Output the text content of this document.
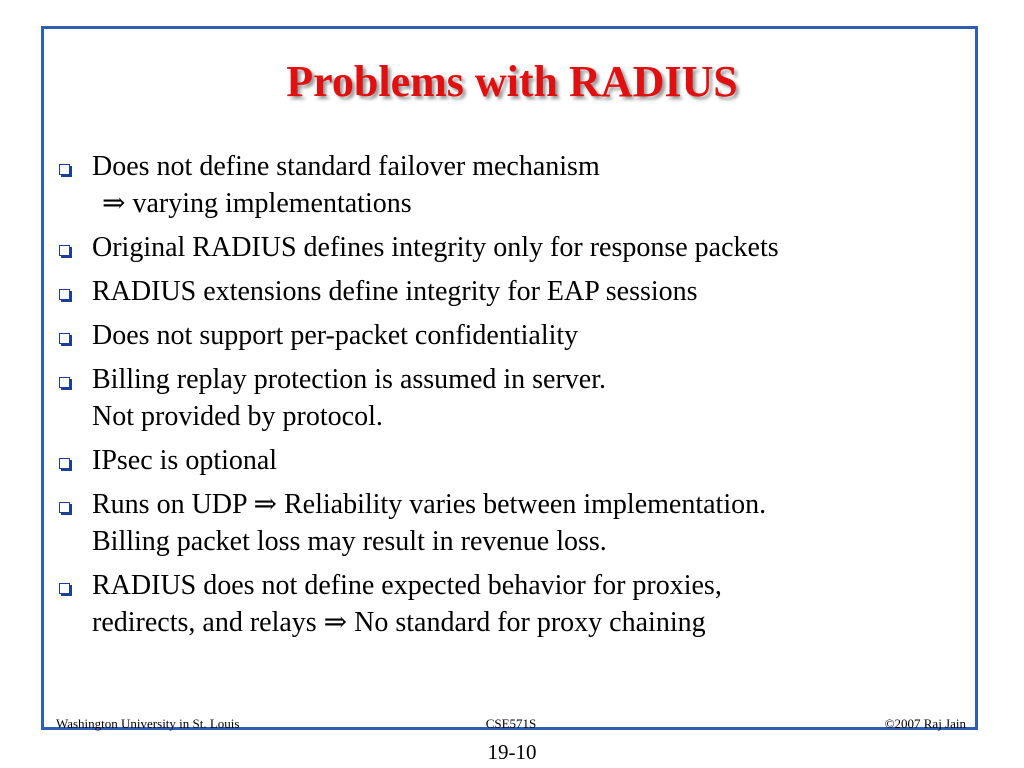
Problems with RADIUS
Does not define standard failover mechanism
⇒ varying implementations
Original RADIUS defines integrity only for response packets
RADIUS extensions define integrity for EAP sessions
Does not support per-packet confidentiality
Billing replay protection is assumed in server.
Not provided by protocol.
IPsec is optional
Runs on UDP ⇒ Reliability varies between implementation.
Billing packet loss may result in revenue loss.
RADIUS does not define expected behavior for proxies,
redirects, and relays ⇒ No standard for proxy chaining
Washington University in St. Louis	CSE571S	©2007 Raj Jain
19-10
